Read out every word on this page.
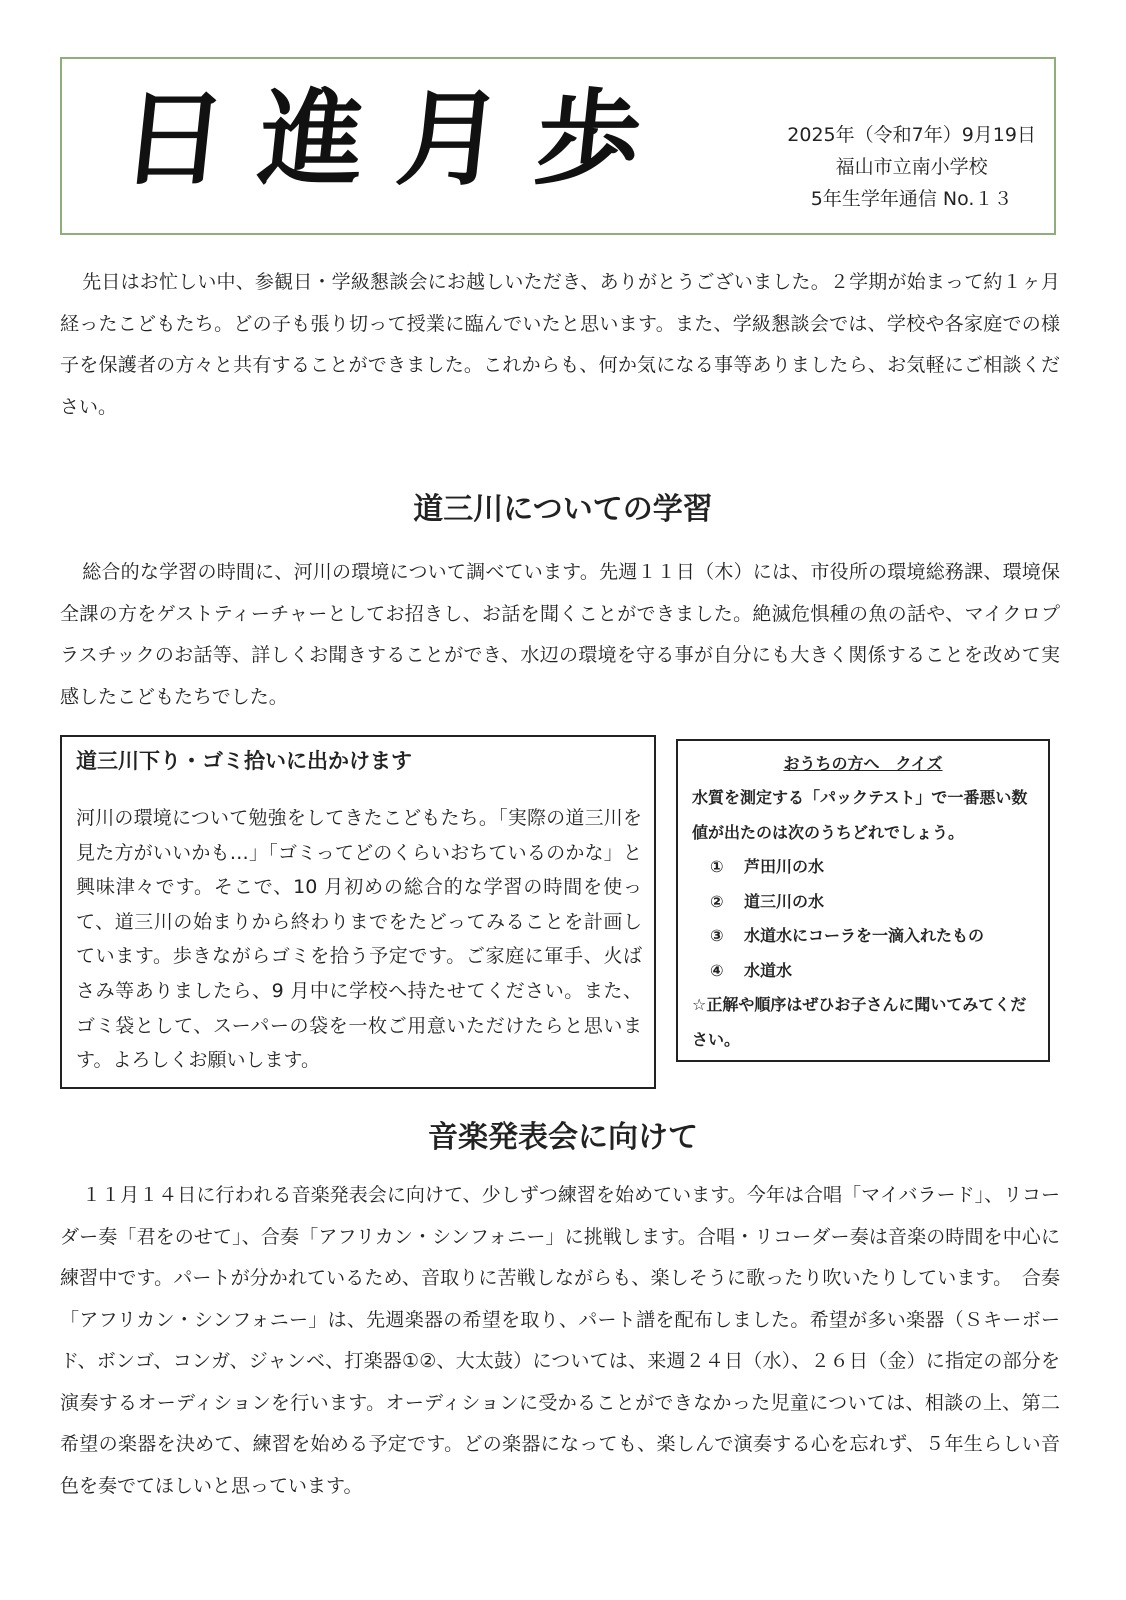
日進月歩	2025年（令和7年）9月19日
福山市立南小学校
5年生学年通信 No.１３

先日はお忙しい中、参観日・学級懇談会にお越しいただき、ありがとうございました。２学期が始まって約１ヶ月経ったこどもたち。どの子も張り切って授業に臨んでいたと思います。また、学級懇談会では、学校や各家庭での様子を保護者の方々と共有することができました。これからも、何か気になる事等ありましたら、お気軽にご相談ください。

道三川についての学習

総合的な学習の時間に、河川の環境について調べています。先週１１日（木）には、市役所の環境総務課、環境保全課の方をゲストティーチャーとしてお招きし、お話を聞くことができました。絶滅危惧種の魚の話や、マイクロプラスチックのお話等、詳しくお聞きすることができ、水辺の環境を守る事が自分にも大きく関係することを改めて実感したこどもたちでした。

道三川下り・ゴミ拾いに出かけます

河川の環境について勉強をしてきたこどもたち。「実際の道三川を見た方がいいかも…」「ゴミってどのくらいおちているのかな」と興味津々です。そこで、10 月初めの総合的な学習の時間を使って、道三川の始まりから終わりまでをたどってみることを計画しています。歩きながらゴミを拾う予定です。ご家庭に軍手、火ばさみ等ありましたら、9 月中に学校へ持たせてください。また、ゴミ袋として、スーパーの袋を一枚ご用意いただけたらと思います。よろしくお願いします。

おうちの方へ　クイズ
水質を測定する「パックテスト」で一番悪い数値が出たのは次のうちどれでしょう。
① 芦田川の水
② 道三川の水
③ 水道水にコーラを一滴入れたもの
④ 水道水
☆正解や順序はぜひお子さんに聞いてみてください。
音楽発表会に向けて

１１月１４日に行われる音楽発表会に向けて、少しずつ練習を始めています。今年は合唱「マイバラード」、リコーダー奏「君をのせて」、合奏「アフリカン・シンフォニー」に挑戦します。合唱・リコーダー奏は音楽の時間を中心に練習中です。パートが分かれているため、音取りに苦戦しながらも、楽しそうに歌ったり吹いたりしています。　合奏「アフリカン・シンフォニー」は、先週楽器の希望を取り、パート譜を配布しました。希望が多い楽器（Ｓキーボード、ボンゴ、コンガ、ジャンベ、打楽器①②、大太鼓）については、来週２４日（水）、２６日（金）に指定の部分を演奏するオーディションを行います。オーディションに受かることができなかった児童については、相談の上、第二希望の楽器を決めて、練習を始める予定です。どの楽器になっても、楽しんで演奏する心を忘れず、５年生らしい音色を奏でてほしいと思っています。
